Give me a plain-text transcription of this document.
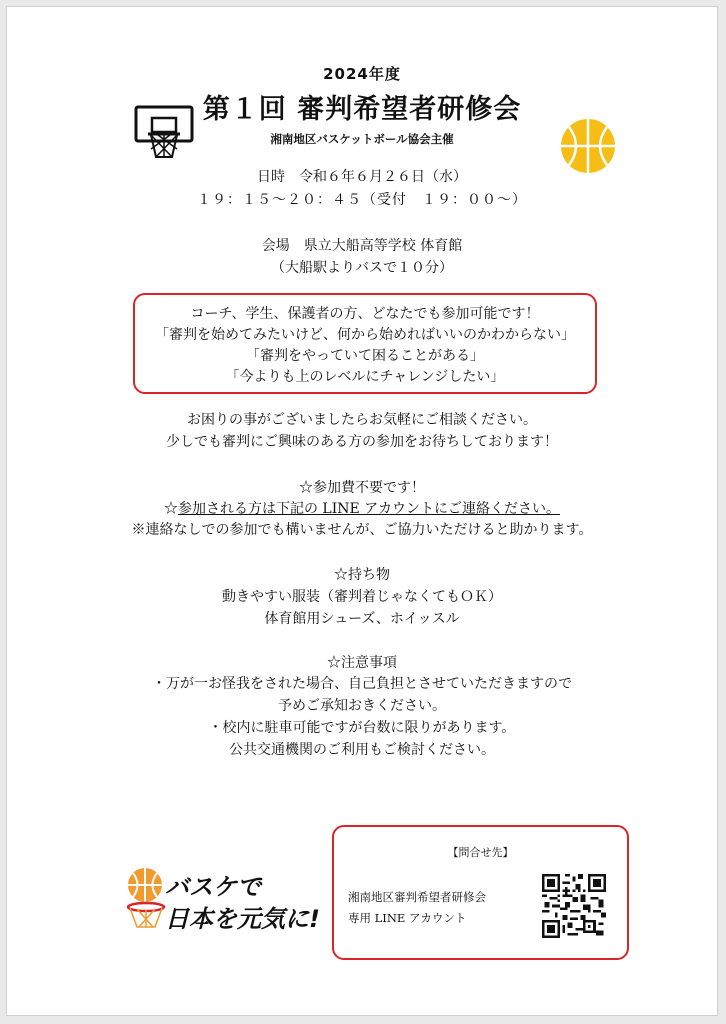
2024年度
第１回 審判希望者研修会
湘南地区バスケットボール協会主催
日時　令和６年６月２６日（水）
１９：１５～２０：４５（受付　１９：００～）
会場　県立大船高等学校 体育館
（大船駅よりバスで１０分）
コーチ、学生、保護者の方、どなたでも参加可能です！
「審判を始めてみたいけど、何から始めればいいのかわからない」
「審判をやっていて困ることがある」
「今よりも上のレベルにチャレンジしたい」
お困りの事がございましたらお気軽にご相談ください。
少しでも審判にご興味のある方の参加をお待ちしております！
☆参加費不要です！
☆参加される方は下記の LINE アカウントにご連絡ください。
※連絡なしでの参加でも構いませんが、ご協力いただけると助かります。
☆持ち物
動きやすい服装（審判着じゃなくてもＯＫ）
体育館用シューズ、ホイッスル
☆注意事項
・万が一お怪我をされた場合、自己負担とさせていただきますので
予めご承知おきください。
・校内に駐車可能ですが台数に限りがあります。
公共交通機関のご利用もご検討ください。
バスケで
日本を元気に!
【問合せ先】
湘南地区審判希望者研修会
専用 LINE アカウント
